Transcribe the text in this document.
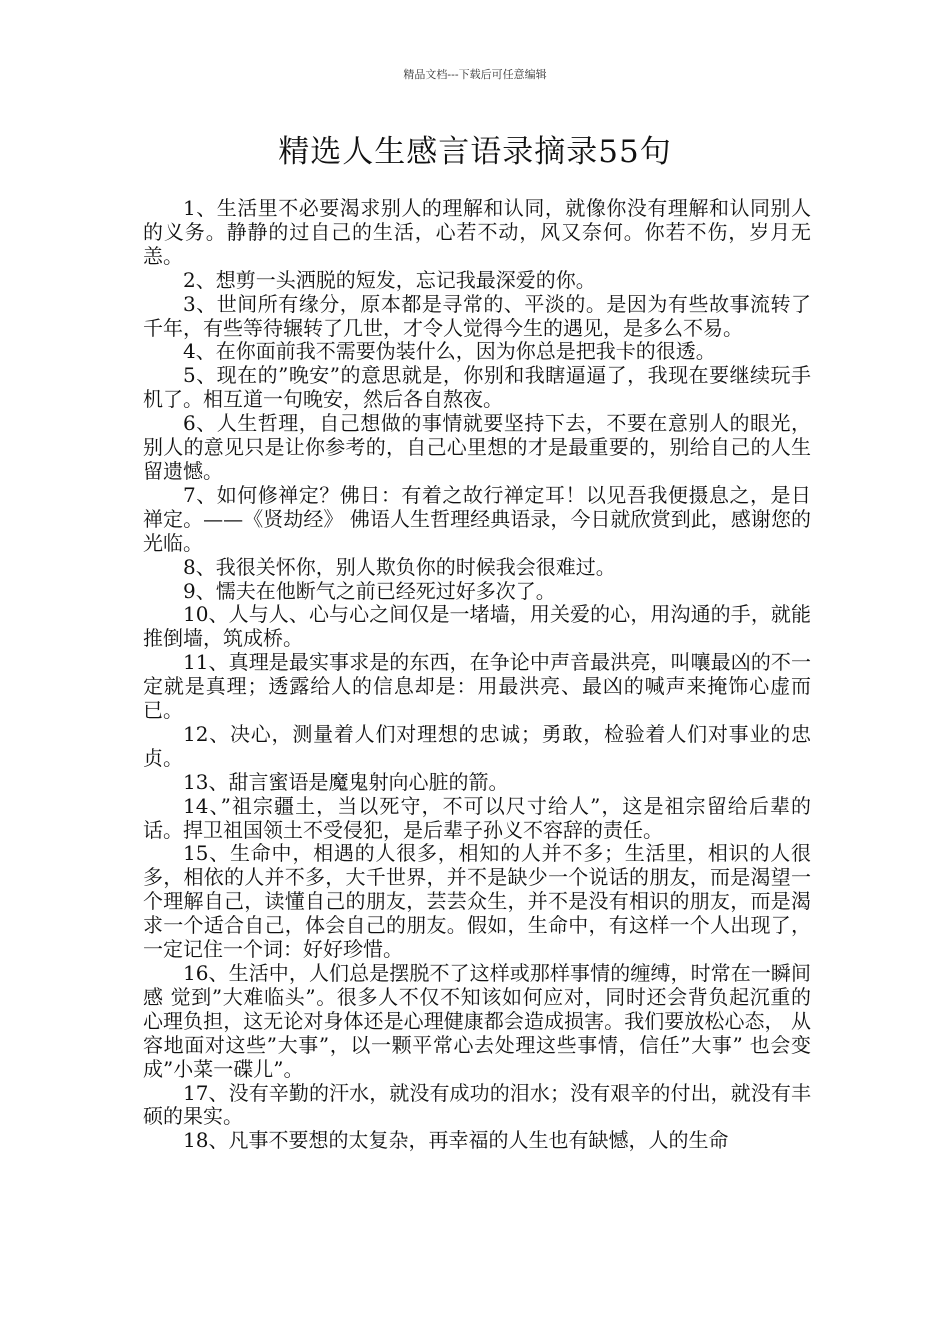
精品文档---下载后可任意编辑
精选人生感言语录摘录55句

1、生活里不必要渴求别人的理解和认同，就像你没有理解和认同别人的义务。静静的过自己的生活，心若不动，风又奈何。你若不伤，岁月无恙。

2、想剪一头洒脱的短发，忘记我最深爱的你。

3、世间所有缘分，原本都是寻常的、平淡的。是因为有些故事流转了千年，有些等待辗转了几世，才令人觉得今生的遇见，是多么不易。

4、在你面前我不需要伪装什么，因为你总是把我卡的很透。

5、现在的”晚安”的意思就是，你别和我瞎逼逼了，我现在要继续玩手机了。相互道一句晚安，然后各自熬夜。

6、人生哲理，自己想做的事情就要坚持下去，不要在意别人的眼光，别人的意见只是让你参考的，自己心里想的才是最重要的，别给自己的人生留遗憾。

7、如何修禅定？佛日：有着之故行禅定耳！以见吾我便摄息之，是日禅定。——《贤劫经》 佛语人生哲理经典语录，今日就欣赏到此，感谢您的光临。

8、我很关怀你，别人欺负你的时候我会很难过。

9、懦夫在他断气之前已经死过好多次了。

10、人与人、心与心之间仅是一堵墙，用关爱的心，用沟通的手，就能推倒墙，筑成桥。

11、真理是最实事求是的东西，在争论中声音最洪亮，叫嚷最凶的不一定就是真理；透露给人的信息却是：用最洪亮、最凶的喊声来掩饰心虚而已。

12、决心，测量着人们对理想的忠诚；勇敢，检验着人们对事业的忠贞。

13、甜言蜜语是魔鬼射向心脏的箭。

14、”祖宗疆土，当以死守，不可以尺寸给人”，这是祖宗留给后辈的话。捍卫祖国领土不受侵犯，是后辈子孙义不容辞的责任。

15、生命中，相遇的人很多，相知的人并不多；生活里，相识的人很多，相依的人并不多，大千世界，并不是缺少一个说话的朋友，而是渴望一个理解自己，读懂自己的朋友，芸芸众生，并不是没有相识的朋友，而是渴求一个适合自己，体会自己的朋友。假如，生命中，有这样一个人出现了，一定记住一个词：好好珍惜。

16、生活中，人们总是摆脱不了这样或那样事情的缠缚，时常在一瞬间感 觉到”大难临头”。很多人不仅不知该如何应对，同时还会背负起沉重的 心理负担，这无论对身体还是心理健康都会造成损害。我们要放松心态， 从容地面对这些”大事”，以一颗平常心去处理这些事情，信任”大事” 也会变成”小菜一碟儿”。

17、没有辛勤的汗水，就没有成功的泪水；没有艰辛的付出，就没有丰硕的果实。

18、凡事不要想的太复杂，再幸福的人生也有缺憾，人的生命
